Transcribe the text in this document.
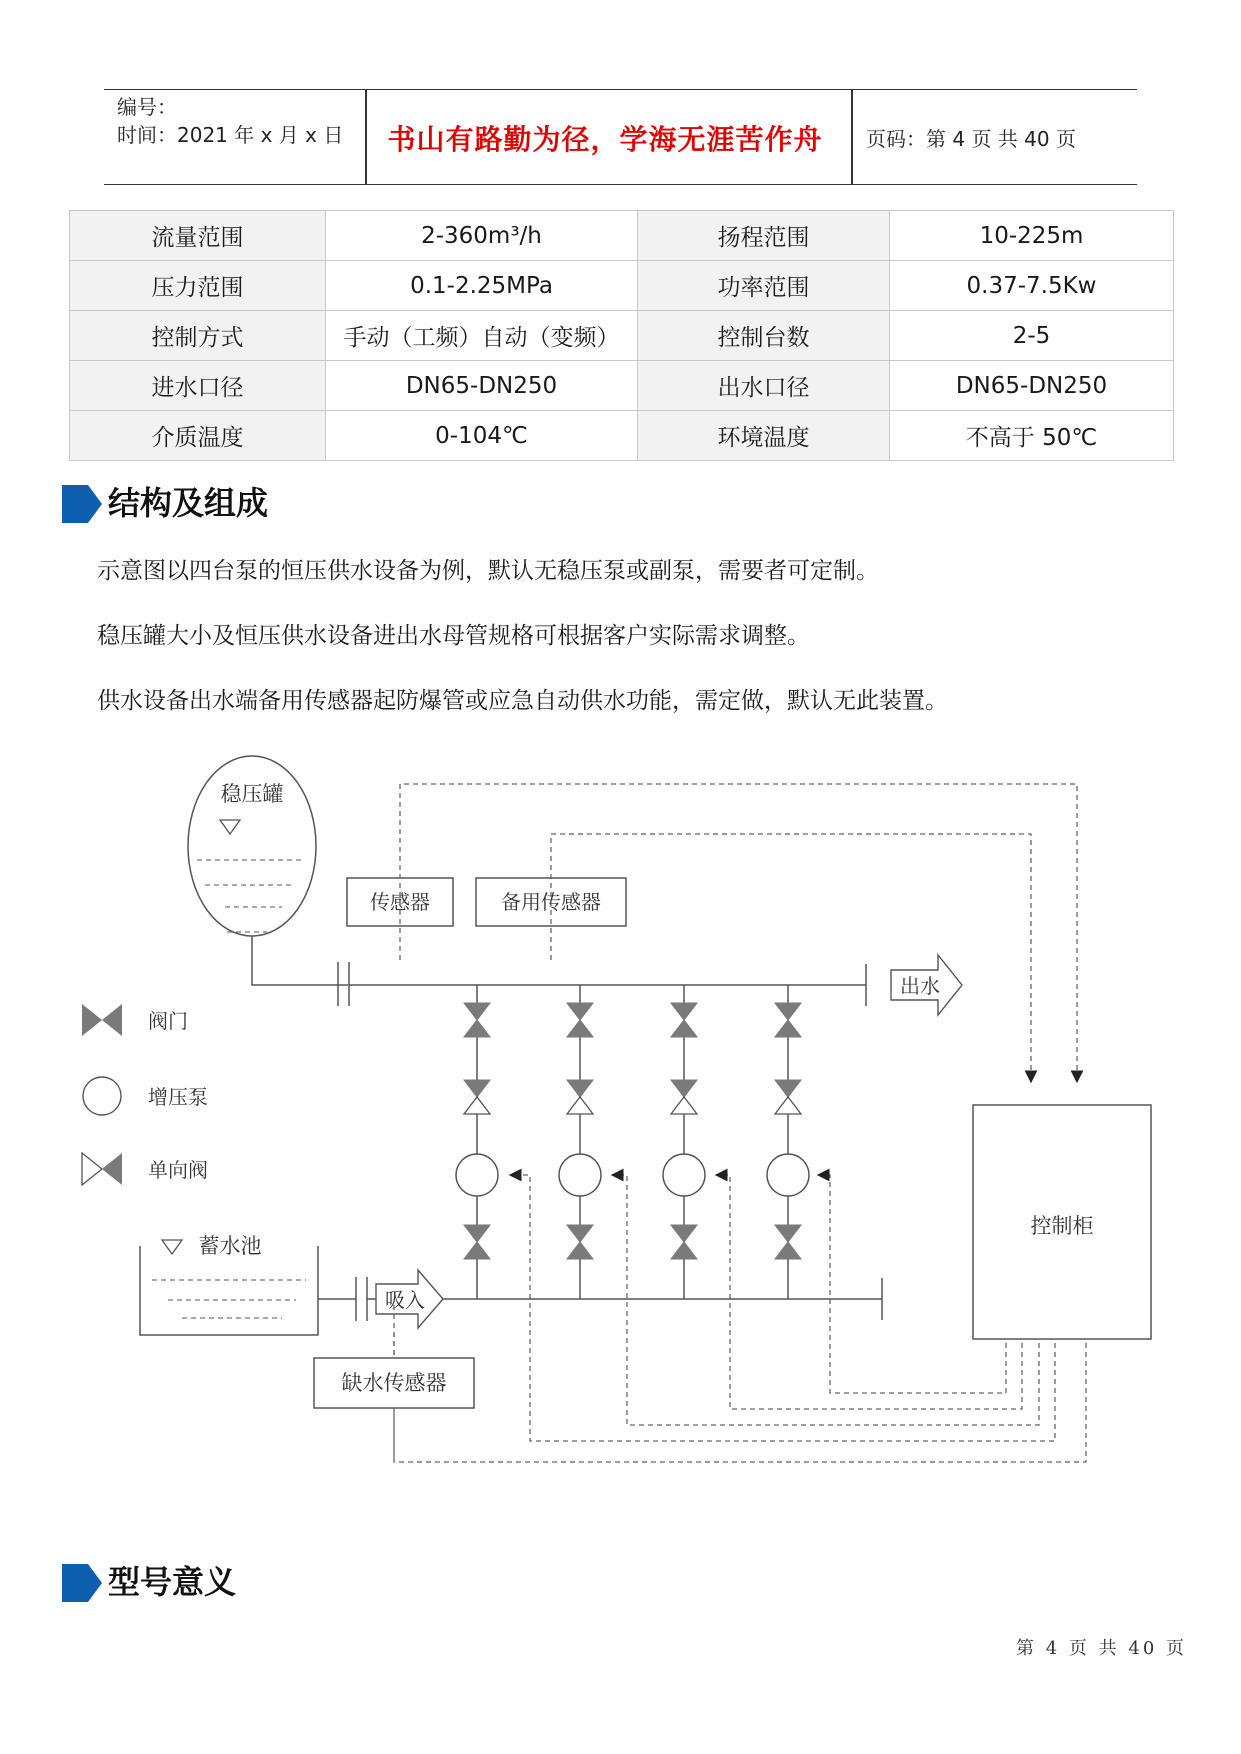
编号：
时间：2021 年 x 月 x 日	书山有路勤为径，学海无涯苦作舟	页码：第 4 页 共 40 页
流量范围	2-360m³/h	扬程范围	10-225m
压力范围	0.1-2.25MPa	功率范围	0.37-7.5Kw
控制方式	手动（工频）自动（变频）	控制台数	2-5
进水口径	DN65-DN250	出水口径	DN65-DN250
介质温度	0-104℃	环境温度	不高于 50℃
结构及组成
示意图以四台泵的恒压供水设备为例，默认无稳压泵或副泵，需要者可定制。
稳压罐大小及恒压供水设备进出水母管规格可根据客户实际需求调整。
供水设备出水端备用传感器起防爆管或应急自动供水功能，需定做，默认无此装置。
稳压罐
出水
传感器	备用传感器
吸入
蓄水池
缺水传感器
控制柜
阀门
增压泵
单向阀
型号意义
第 4 页 共 40 页
